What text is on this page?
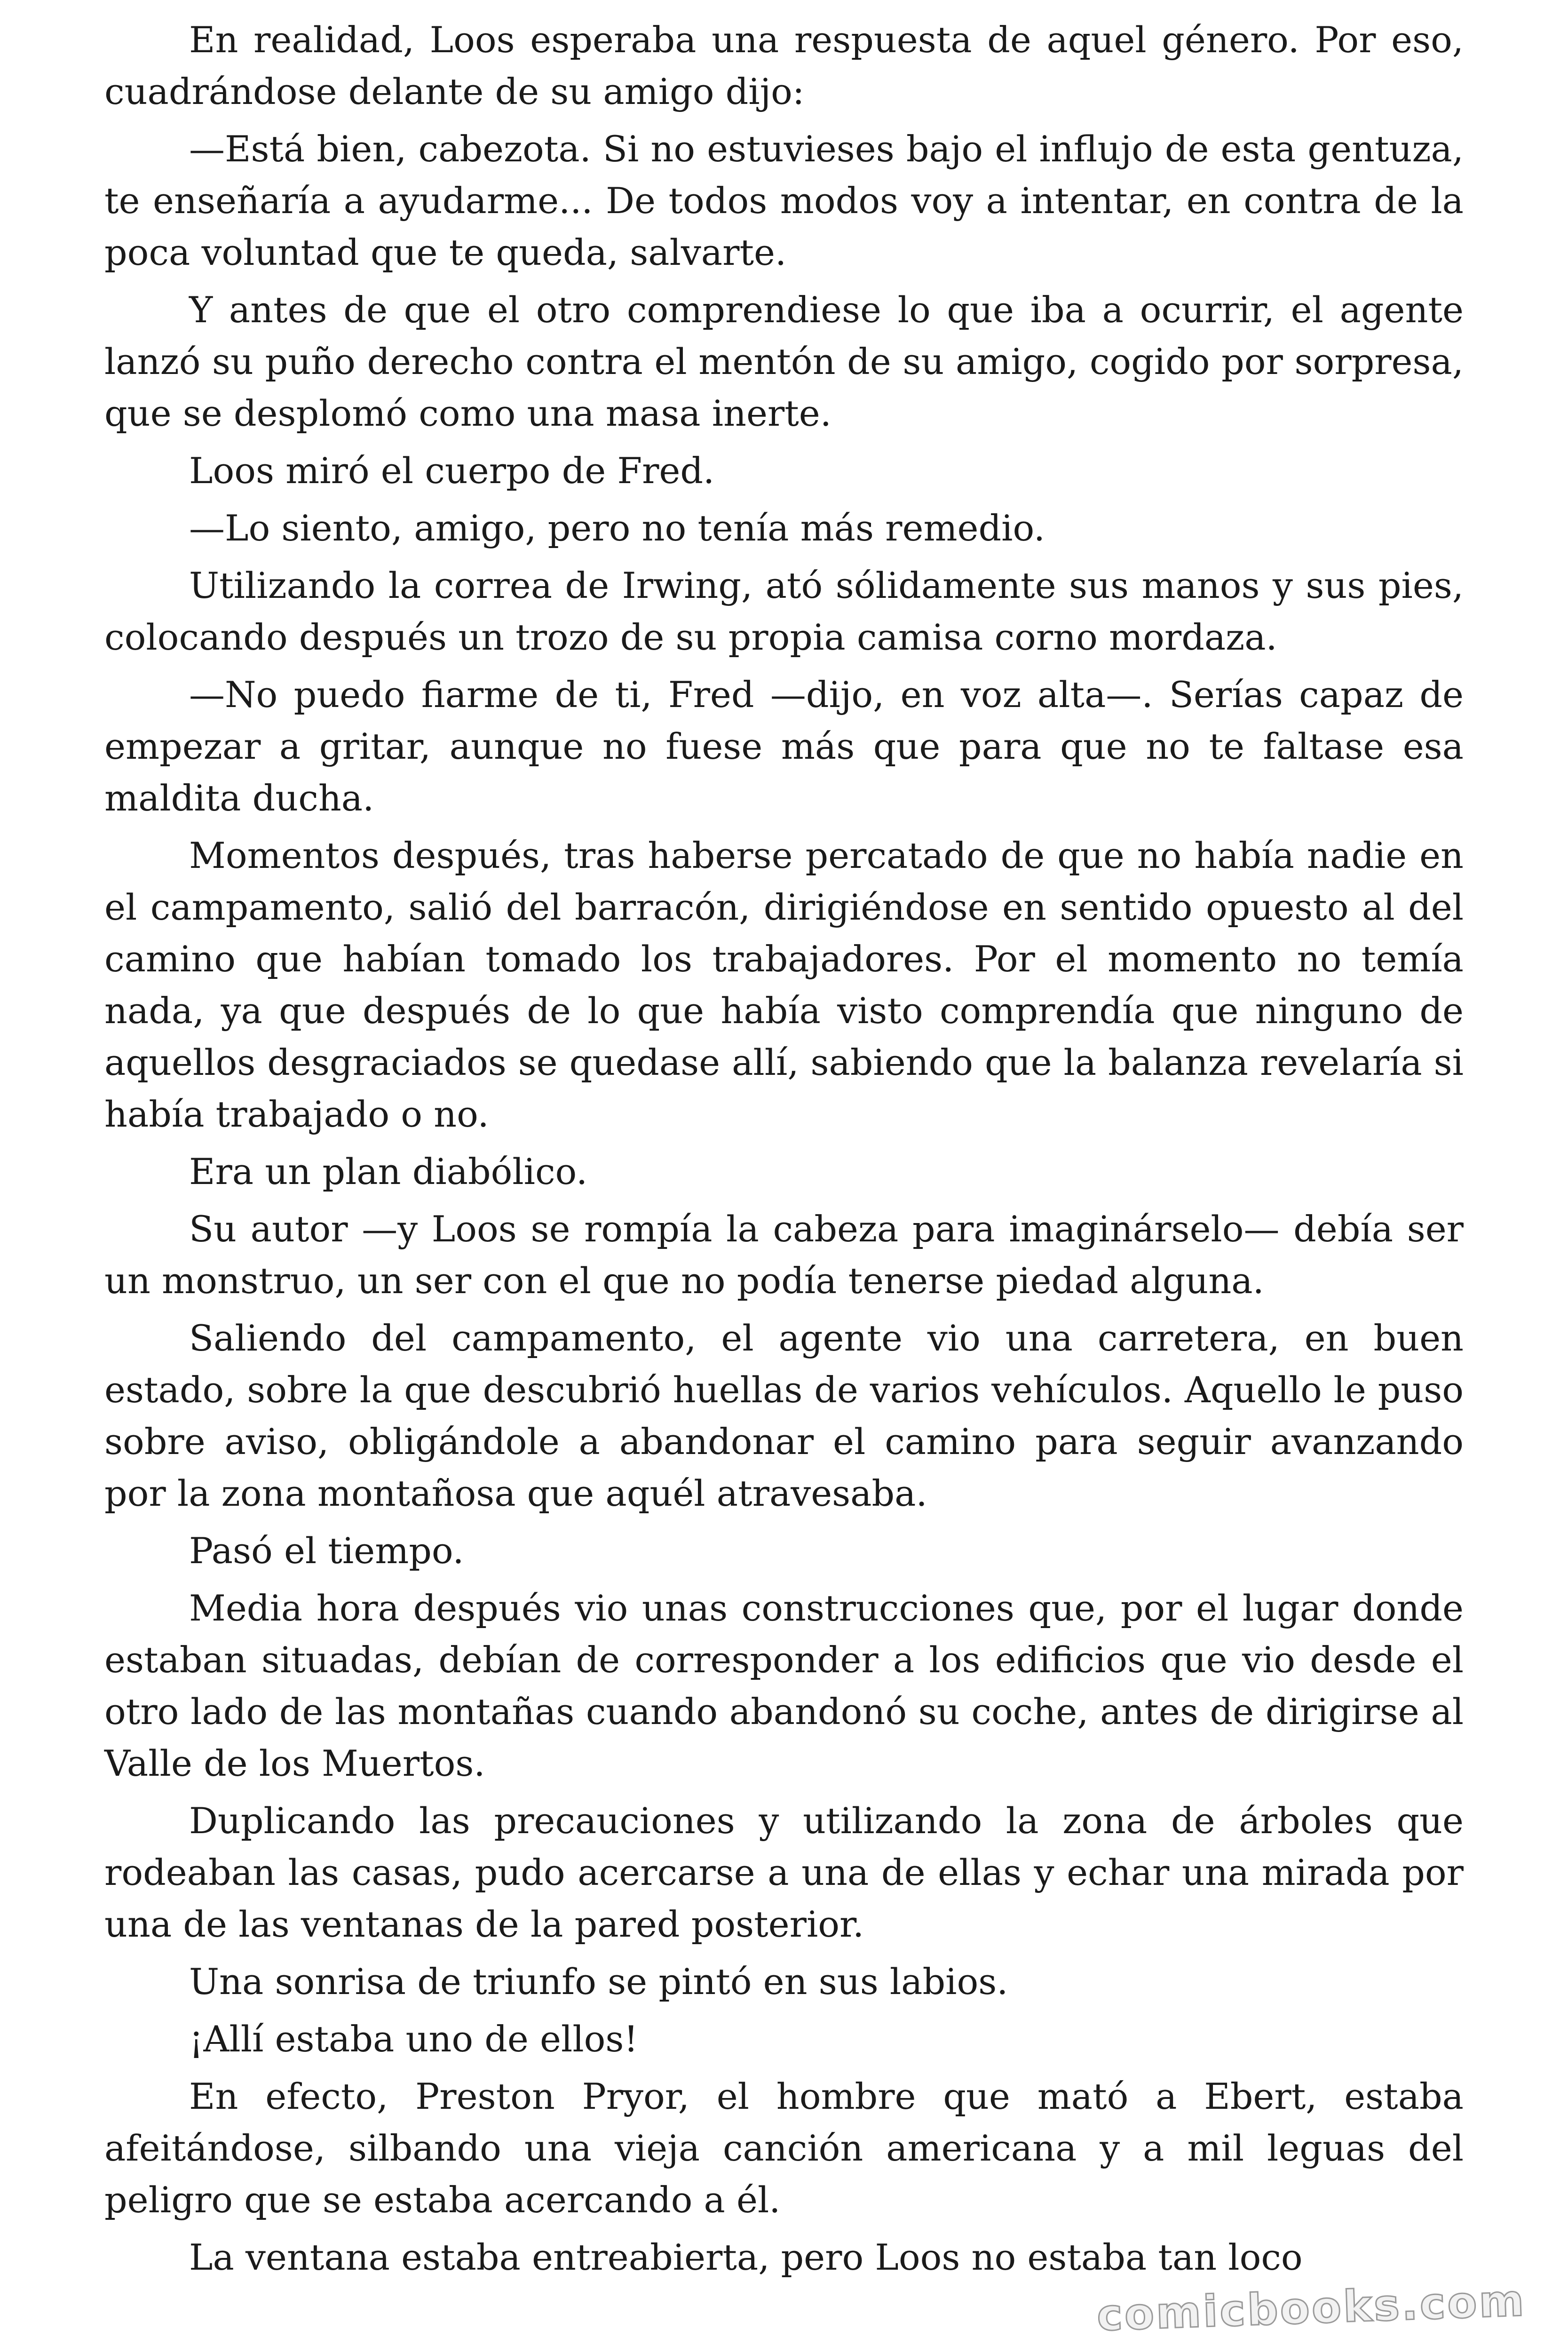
En realidad, Loos esperaba una respuesta de aquel género. Por eso, cuadrándose delante de su amigo dijo:

—Está bien, cabezota. Si no estuvieses bajo el influjo de esta gentuza, te enseñaría a ayudarme... De todos modos voy a intentar, en contra de la poca voluntad que te queda, salvarte.

Y antes de que el otro comprendiese lo que iba a ocurrir, el agente lanzó su puño derecho contra el mentón de su amigo, cogido por sorpresa, que se desplomó como una masa inerte.

Loos miró el cuerpo de Fred.

—Lo siento, amigo, pero no tenía más remedio.

Utilizando la correa de Irwing, ató sólidamente sus manos y sus pies, colocando después un trozo de su propia camisa corno mordaza.

—No puedo fiarme de ti, Fred —dijo, en voz alta—. Serías capaz de empezar a gritar, aunque no fuese más que para que no te faltase esa maldita ducha.

Momentos después, tras haberse percatado de que no había nadie en el campamento, salió del barracón, dirigiéndose en sentido opuesto al del camino que habían tomado los trabajadores. Por el momento no temía nada, ya que después de lo que había visto comprendía que ninguno de aquellos desgraciados se quedase allí, sabiendo que la balanza revelaría si había trabajado o no.

Era un plan diabólico.

Su autor —y Loos se rompía la cabeza para imaginárselo— debía ser un monstruo, un ser con el que no podía tenerse piedad alguna.

Saliendo del campamento, el agente vio una carretera, en buen estado, sobre la que descubrió huellas de varios vehículos. Aquello le puso sobre aviso, obligándole a abandonar el camino para seguir avanzando por la zona montañosa que aquél atravesaba.

Pasó el tiempo.

Media hora después vio unas construcciones que, por el lugar donde estaban situadas, debían de corresponder a los edificios que vio desde el otro lado de las montañas cuando abandonó su coche, antes de dirigirse al Valle de los Muertos.

Duplicando las precauciones y utilizando la zona de árboles que rodeaban las casas, pudo acercarse a una de ellas y echar una mirada por una de las ventanas de la pared posterior.

Una sonrisa de triunfo se pintó en sus labios.

¡Allí estaba uno de ellos!

En efecto, Preston Pryor, el hombre que mató a Ebert, estaba afeitándose, silbando una vieja canción americana y a mil leguas del peligro que se estaba acercando a él.

La ventana estaba entreabierta, pero Loos no estaba tan loco

comicbooks.com
